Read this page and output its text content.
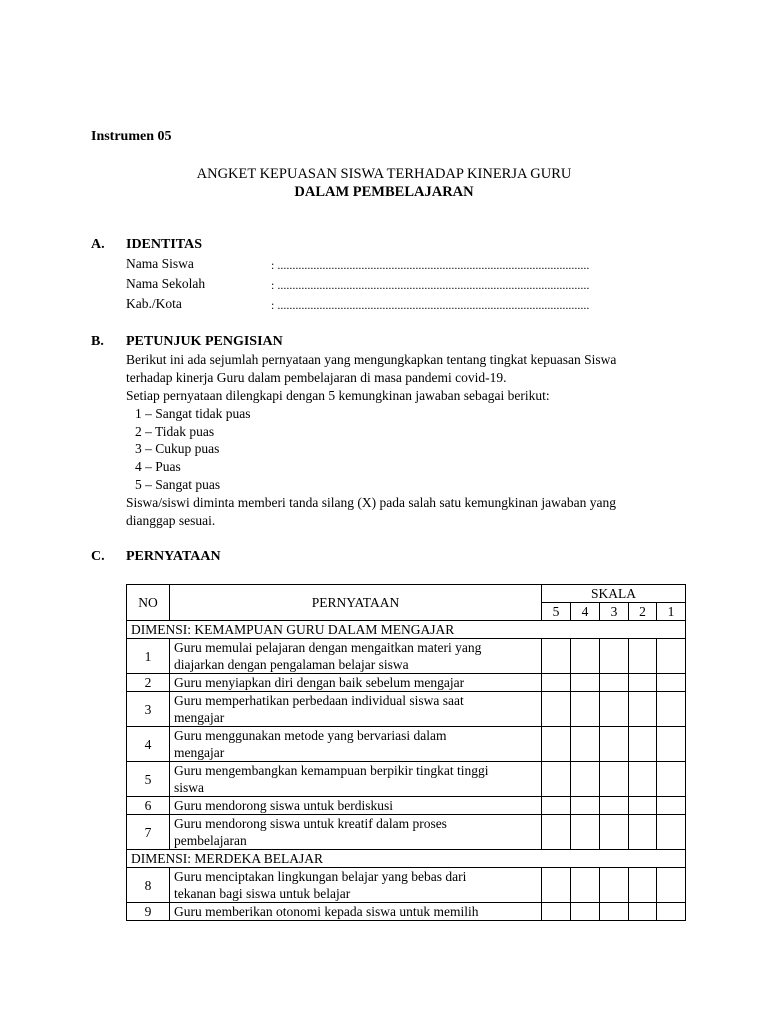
Instrumen 05
ANGKET KEPUASAN SISWA TERHADAP KINERJA GURU
DALAM PEMBELAJARAN
A. IDENTITAS
Nama Siswa	: ........................................................................................................
Nama Sekolah	: ........................................................................................................
Kab./Kota	: ........................................................................................................
B. PETUNJUK PENGISIAN
Berikut ini ada sejumlah pernyataan yang mengungkapkan tentang tingkat kepuasan Siswa
terhadap kinerja Guru dalam pembelajaran di masa pandemi covid-19.
Setiap pernyataan dilengkapi dengan 5 kemungkinan jawaban sebagai berikut:
1 – Sangat tidak puas
2 – Tidak puas
3 – Cukup puas
4 – Puas
5 – Sangat puas
Siswa/siswi diminta memberi tanda silang (X) pada salah satu kemungkinan jawaban yang
dianggap sesuai.
C. PERNYATAAN
NO	PERNYATAAN	SKALA				
		5	4	3	2	1
DIMENSI: KEMAMPUAN GURU DALAM MENGAJAR						
1	Guru memulai pelajaran dengan mengaitkan materi yang
diajarkan dengan pengalaman belajar siswa					
2	Guru menyiapkan diri dengan baik sebelum mengajar					
3	Guru memperhatikan perbedaan individual siswa saat
mengajar					
4	Guru menggunakan metode yang bervariasi dalam
mengajar					
5	Guru mengembangkan kemampuan berpikir tingkat tinggi
siswa					
6	Guru mendorong siswa untuk berdiskusi					
7	Guru mendorong siswa untuk kreatif dalam proses
pembelajaran					
DIMENSI: MERDEKA BELAJAR						
8	Guru menciptakan lingkungan belajar yang bebas dari
tekanan bagi siswa untuk belajar					
9	Guru memberikan otonomi kepada siswa untuk memilih					
